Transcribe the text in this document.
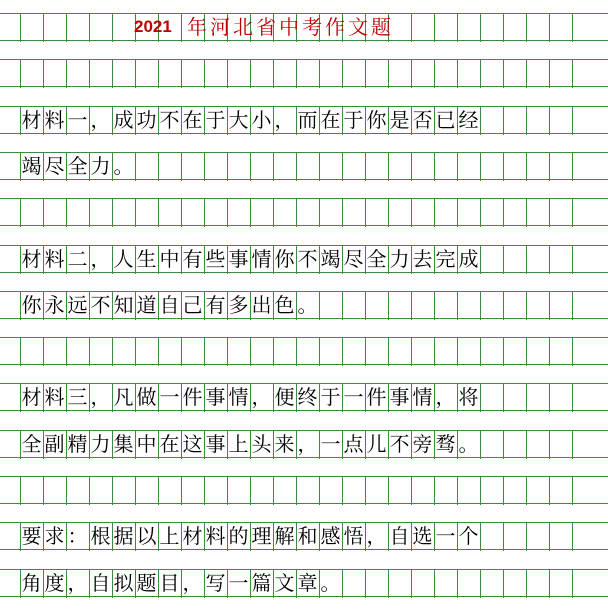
2021 年河北省中考作文题
材 料 一 ， 成 功 不 在 于 大 小 ， 而 在 于 你 是 否 已 经
竭 尽 全 力 。
材 料 二 ， 人 生 中 有 些 事 情 你 不 竭 尽 全 力 去 完 成
你 永 远 不 知 道 自 己 有 多 出 色 。
材 料 三 ， 凡 做 一 件 事 情 ， 便 终 于 一 件 事 情 ， 将
全 副 精 力 集 中 在 这 事 上 头 来 ， 一 点 儿 不 旁 骛 。
要 求 ： 根 据 以 上 材 料 的 理 解 和 感 悟 ， 自 选 一 个
角 度 ， 自 拟 题 目 ， 写 一 篇 文 章 。
